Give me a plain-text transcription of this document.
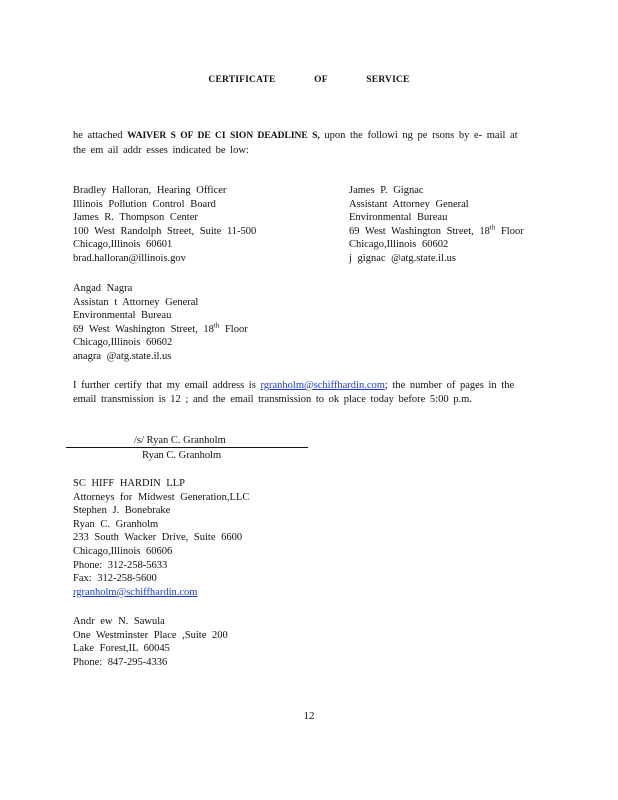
CERTIFICATE	OF	SERVICE
he attached WAIVER S OF DE CI SION DEADLINE S, upon the followi ng pe rsons by e- mail at the em ail addr esses indicated be low:
Bradley Halloran, Hearing Officer
Illinois Pollution Control Board
James R. Thompson Center
100 West Randolph Street, Suite 11-500
Chicago,Illinois 60601
brad.halloran@illinois.gov
James P. Gignac
Assistant Attorney General
Environmental Bureau
69 West Washington Street, 18th Floor
Chicago,Illinois 60602
j gignac @atg.state.il.us
Angad Nagra
Assistan t Attorney General
Environmental Bureau
69 West Washington Street, 18th Floor
Chicago,Illinois 60602
anagra @atg.state.il.us
I further certify that my email address is rgranholm@schiffhardin.com; the number of pages in the email transmission is 12 ; and the email transmission to ok place today before 5:00 p.m.
/s/ Ryan C. Granholm
Ryan C. Granholm
SC HIFF HARDIN LLP
Attorneys for Midwest Generation,LLC
Stephen J. Bonebrake
Ryan C. Granholm
233 South Wacker Drive, Suite 6600
Chicago,Illinois 60606
Phone: 312-258-5633
Fax: 312-258-5600
rgranholm@schiffhardin.com
Andr ew N. Sawula
One Westminster Place ,Suite 200
Lake Forest,IL 60045
Phone: 847-295-4336
12
